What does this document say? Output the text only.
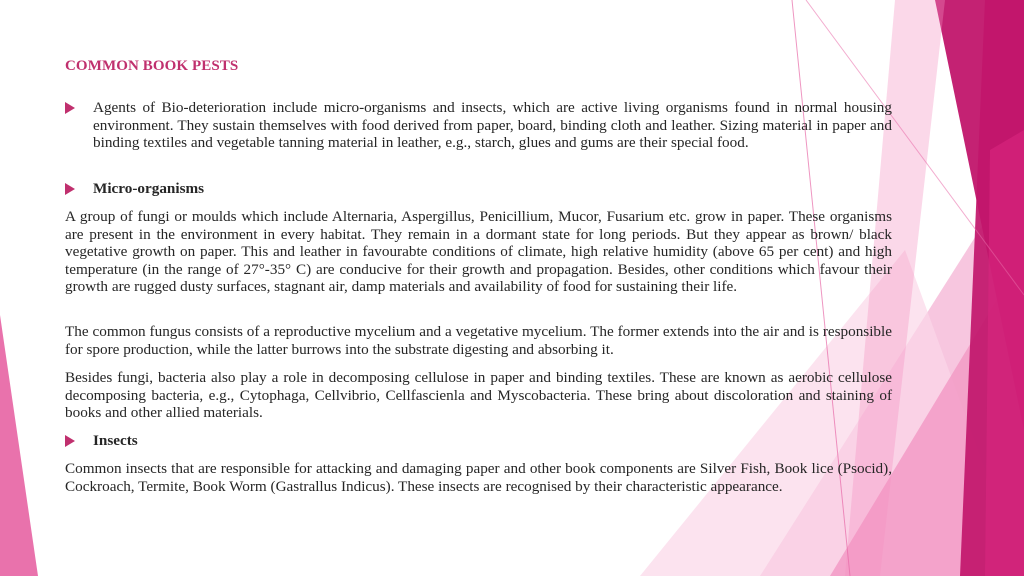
COMMON BOOK PESTS
Agents of Bio-deterioration include micro-organisms and insects, which are active living organisms found in normal housing environment. They sustain themselves with food derived from paper, board, binding cloth and leather. Sizing material in paper and binding textiles and vegetable tanning material in leather, e.g., starch, glues and gums are their special food.
Micro-organisms

A group of fungi or moulds which include Alternaria, Aspergillus, Penicillium, Mucor, Fusarium etc. grow in paper. These organisms are present in the environment in every habitat. They remain in a dormant state for long periods. But they appear as brown/ black vegetative growth on paper. This and leather in favourabte conditions of climate, high relative humidity (above 65 per cent) and high temperature (in the range of 27°-35° C) are conducive for their growth and propagation. Besides, other conditions which favour their growth are rugged dusty surfaces, stagnant air, damp materials and availability of food for sustaining their life.

The common fungus consists of a reproductive mycelium and a vegetative mycelium. The former extends into the air and is responsible for spore production, while the latter burrows into the substrate digesting and absorbing it.

Besides fungi, bacteria also play a role in decomposing cellulose in paper and binding textiles. These are known as aerobic cellulose decomposing bacteria, e.g., Cytophaga, Cellvibrio, Cellfascienla and Myscobacteria. These bring about discoloration and staining of books and other allied materials.

Insects

Common insects that are responsible for attacking and damaging paper and other book components are Silver Fish, Book lice (Psocid), Cockroach, Termite, Book Worm (Gastrallus Indicus). These insects are recognised by their characteristic appearance.
